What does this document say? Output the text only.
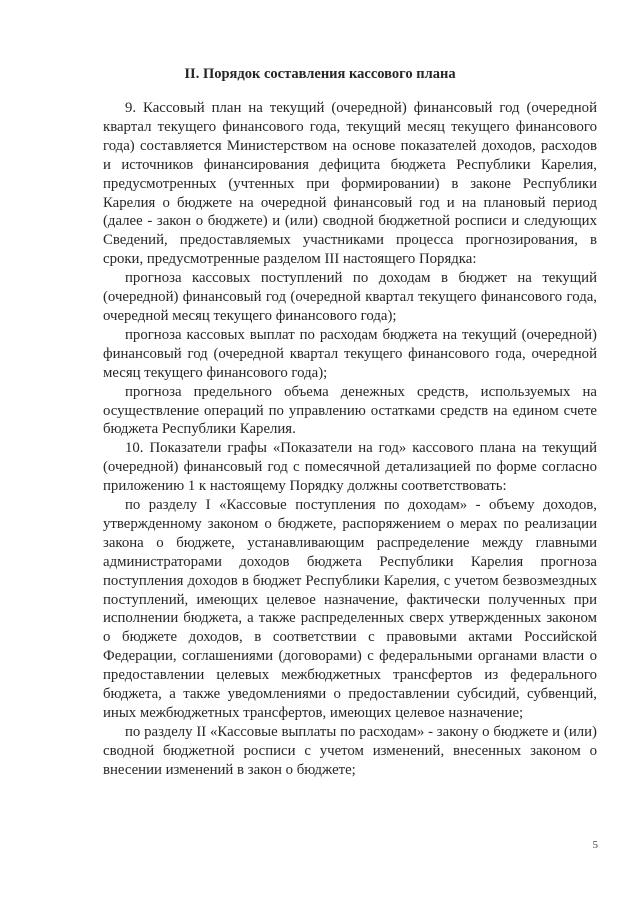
II. Порядок составления кассового плана

9. Кассовый план на текущий (очередной) финансовый год (очередной квартал текущего финансового года, текущий месяц текущего финансового года) составляется Министерством на основе показателей доходов, расходов и источников финансирования дефицита бюджета Республики Карелия, предусмотренных (учтенных при формировании) в законе Республики Карелия о бюджете на очередной финансовый год и на плановый период (далее - закон о бюджете) и (или) сводной бюджетной росписи и следующих Сведений, предоставляемых участниками процесса прогнозирования, в сроки, предусмотренные разделом III настоящего Порядка:

прогноза кассовых поступлений по доходам в бюджет на текущий (очередной) финансовый год (очередной квартал текущего финансового года, очередной месяц текущего финансового года);

прогноза кассовых выплат по расходам бюджета на текущий (очередной) финансовый год (очередной квартал текущего финансового года, очередной месяц текущего финансового года);

прогноза предельного объема денежных средств, используемых на осуществление операций по управлению остатками средств на едином счете бюджета Республики Карелия.

10. Показатели графы «Показатели на год» кассового плана на текущий (очередной) финансовый год с помесячной детализацией по форме согласно приложению 1 к настоящему Порядку должны соответствовать:

по разделу I «Кассовые поступления по доходам» - объему доходов, утвержденному законом о бюджете, распоряжением о мерах по реализации закона о бюджете, устанавливающим распределение между главными администраторами доходов бюджета Республики Карелия прогноза поступления доходов в бюджет Республики Карелия, с учетом безвозмездных поступлений, имеющих целевое назначение, фактически полученных при исполнении бюджета, а также распределенных сверх утвержденных законом о бюджете доходов, в соответствии с правовыми актами Российской Федерации, соглашениями (договорами) с федеральными органами власти о предоставлении целевых межбюджетных трансфертов из федерального бюджета, а также уведомлениями о предоставлении субсидий, субвенций, иных межбюджетных трансфертов, имеющих целевое назначение;

по разделу II «Кассовые выплаты по расходам» - закону о бюджете и (или) сводной бюджетной росписи с учетом изменений, внесенных законом о внесении изменений в закон о бюджете;

5
